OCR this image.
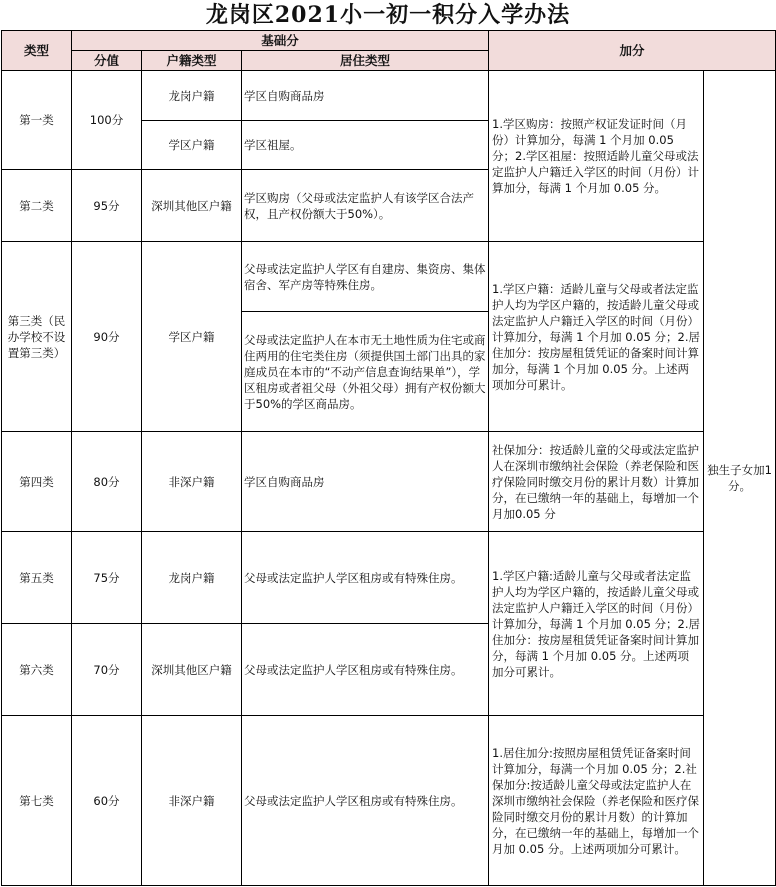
龙岗区2021小一初一积分入学办法
类型	基础分			加分	
	分值	户籍类型	居住类型		
第一类	100分	龙岗户籍	学区自购商品房	1.学区购房：按照产权证发证时间（月份）计算加分，每满 1 个月加 0.05 分；2.学区祖屋：按照适龄儿童父母或法定监护人户籍迁入学区的时间（月份）计算加分，每满 1 个月加 0.05 分。	独生子女加1分。
		学区户籍	学区祖屋。		
第二类	95分	深圳其他区户籍	学区购房（父母或法定监护人有该学区合法产权，且产权份额大于50%）。		
第三类（民办学校不设置第三类）	90分	学区户籍	父母或法定监护人学区有自建房、集资房、集体宿舍、军产房等特殊住房。	1.学区户籍：适龄儿童与父母或者法定监护人均为学区户籍的，按适龄儿童父母或法定监护人户籍迁入学区的时间（月份）计算加分，每满 1 个月加 0.05 分；2.居住加分：按房屋租赁凭证的备案时间计算加分，每满 1 个月加 0.05 分。上述两项加分可累计。	
			父母或法定监护人在本市无土地性质为住宅或商住两用的住宅类住房（须提供国土部门出具的家庭成员在本市的“不动产信息查询结果单”），学区租房或者祖父母（外祖父母）拥有产权份额大于50%的学区商品房。		
第四类	80分	非深户籍	学区自购商品房	社保加分：按适龄儿童的父母或法定监护人在深圳市缴纳社会保险（养老保险和医疗保险同时缴交月份的累计月数）计算加分，在已缴纳一年的基础上，每增加一个月加0.05 分	
第五类	75分	龙岗户籍	父母或法定监护人学区租房或有特殊住房。	1.学区户籍:适龄儿童与父母或者法定监护人均为学区户籍的，按适龄儿童父母或法定监护人户籍迁入学区的时间（月份）计算加分，每满 1 个月加 0.05 分；2.居住加分：按房屋租赁凭证备案时间计算加分，每满 1 个月加 0.05 分。上述两项加分可累计。	
第六类	70分	深圳其他区户籍	父母或法定监护人学区租房或有特殊住房。		
第七类	60分	非深户籍	父母或法定监护人学区租房或有特殊住房。	1.居住加分:按照房屋租赁凭证备案时间计算加分，每满一个月加 0.05 分；2.社保加分:按适龄儿童父母或法定监护人在深圳市缴纳社会保险（养老保险和医疗保险同时缴交月份的累计月数）的计算加分，在已缴纳一年的基础上，每增加一个月加 0.05 分。上述两项加分可累计。	
